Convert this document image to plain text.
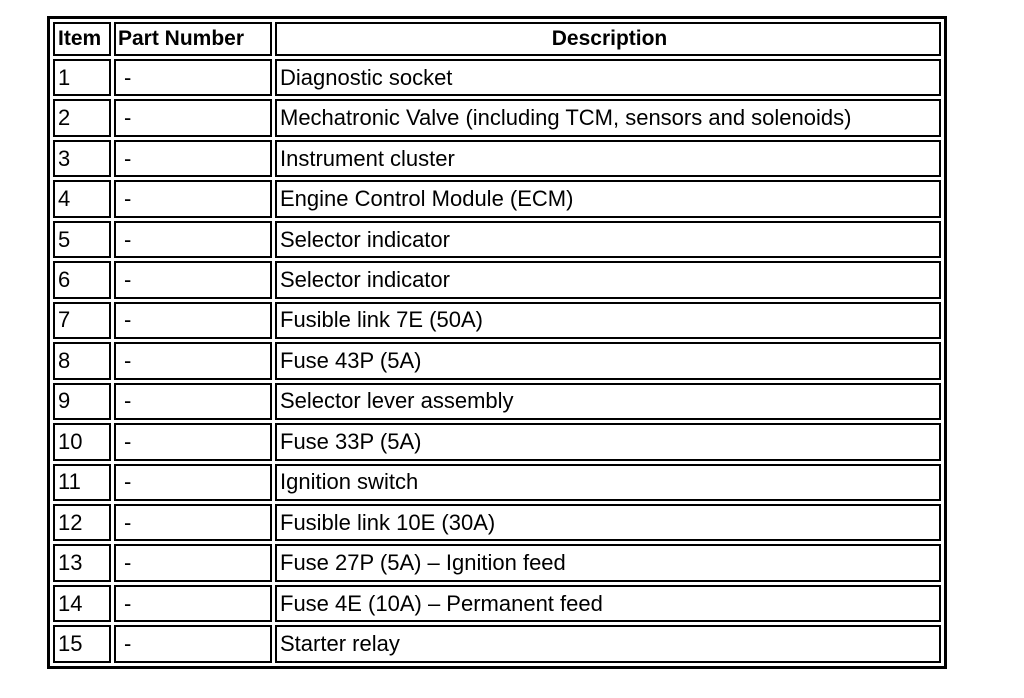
Item	Part Number	Description
1	-	Diagnostic socket
2	-	Mechatronic Valve (including TCM, sensors and solenoids)
3	-	Instrument cluster
4	-	Engine Control Module (ECM)
5	-	Selector indicator
6	-	Selector indicator
7	-	Fusible link 7E (50A)
8	-	Fuse 43P (5A)
9	-	Selector lever assembly
10	-	Fuse 33P (5A)
11	-	Ignition switch
12	-	Fusible link 10E (30A)
13	-	Fuse 27P (5A) – Ignition feed
14	-	Fuse 4E (10A) – Permanent feed
15	-	Starter relay
